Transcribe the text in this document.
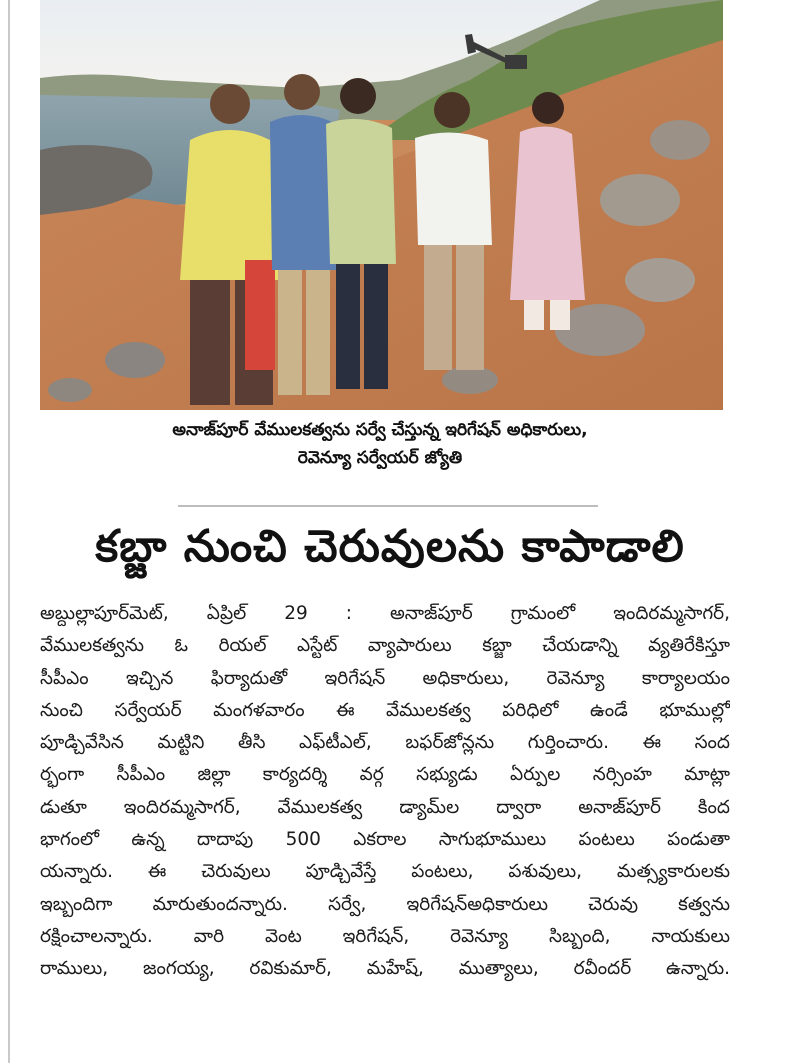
అనాజ్‌పూర్‌ వేములకత్వను సర్వే చేస్తున్న ఇరిగేషన్‌ అధికారులు,
రెవెన్యూ సర్వేయర్‌ జ్యోతి
కబ్జా నుంచి చెరువులను కాపాడాలి
అబ్దుల్లాపూర్‌మెట్‌, ఏప్రిల్‌ 29 : అనాజ్‌పూర్‌ గ్రామంలో ఇందిరమ్మసాగర్‌,
వేములకత్వను ఓ రియల్‌ ఎస్టేట్‌ వ్యాపారులు కబ్జా చేయడాన్ని వ్యతిరేకిస్తూ
సీపీఎం ఇచ్చిన ఫిర్యాదుతో ఇరిగేషన్‌ అధికారులు, రెవెన్యూ కార్యాలయం
నుంచి సర్వేయర్‌ మంగళవారం ఈ వేములకత్వ పరిధిలో ఉండే భూముల్లో
పూడ్చివేసిన మట్టిని తీసి ఎఫ్‌టీఎల్‌, బఫర్‌జోన్లను గుర్తించారు. ఈ సంద
ర్భంగా సీపీఎం జిల్లా కార్యదర్శి వర్గ సభ్యుడు ఏర్పుల నర్సింహ మాట్లా
డుతూ ఇందిరమ్మసాగర్‌, వేములకత్వ డ్యామ్‌ల ద్వారా అనాజ్‌పూర్‌ కింద
భాగంలో ఉన్న దాదాపు 500 ఎకరాల సాగుభూములు పంటలు పండుతా
యన్నారు. ఈ చెరువులు పూడ్చివేస్తే పంటలు, పశువులు, మత్స్యకారులకు
ఇబ్బందిగా మారుతుందన్నారు. సర్వే, ఇరిగేషన్‌అధికారులు చెరువు కత్వను
రక్షించాలన్నారు. వారి వెంట ఇరిగేషన్‌, రెవెన్యూ సిబ్బంది, నాయకులు
రాములు, జంగయ్య, రవికుమార్‌, మహేష్‌, ముత్యాలు, రవీందర్‌ ఉన్నారు.
